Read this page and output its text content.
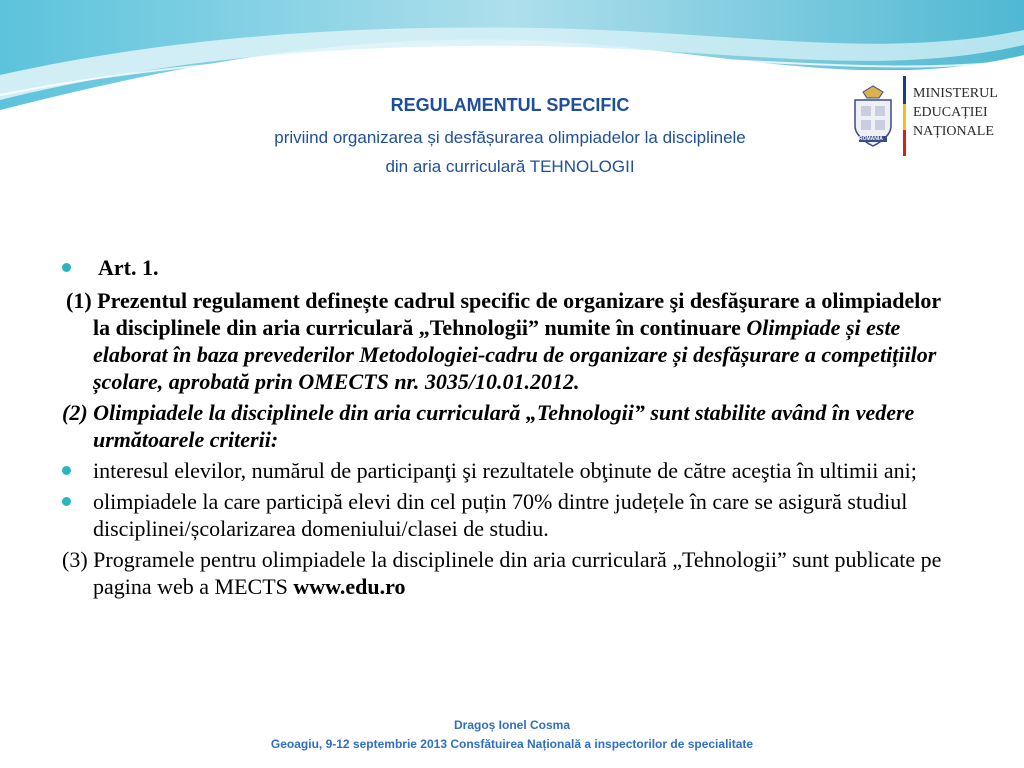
ROMÂNIA
MINISTERUL
EDUCAȚIEI
NAȚIONALE
REGULAMENTUL SPECIFIC
priviind organizarea și desfășurarea olimpiadelor la disciplinele
din aria curriculară TEHNOLOGII
Art. 1.

(1) Prezentul regulament definește cadrul specific de organizare şi desfăşurare a olimpiadelor la disciplinele din aria curriculară „Tehnologii” numite în continuare Olimpiade și este elaborat în baza prevederilor Metodologiei-cadru de organizare și desfășurare a competițiilor școlare, aprobată prin OMECTS nr. 3035/10.01.2012.

(2) Olimpiadele la disciplinele din aria curriculară „Tehnologii” sunt stabilite având în vedere următoarele criterii:

interesul elevilor, numărul de participanţi şi rezultatele obţinute de către aceştia în ultimii ani;
olimpiadele la care participă elevi din cel puțin 70% dintre județele în care se asigură studiul disciplinei/școlarizarea domeniului/clasei de studiu.

(3) Programele pentru olimpiadele la disciplinele din aria curriculară „Tehnologii” sunt publicate pe pagina web a MECTS www.edu.ro

Dragoș Ionel Cosma
Geoagiu, 9-12 septembrie 2013 Consfătuirea Națională a inspectorilor de specialitate
